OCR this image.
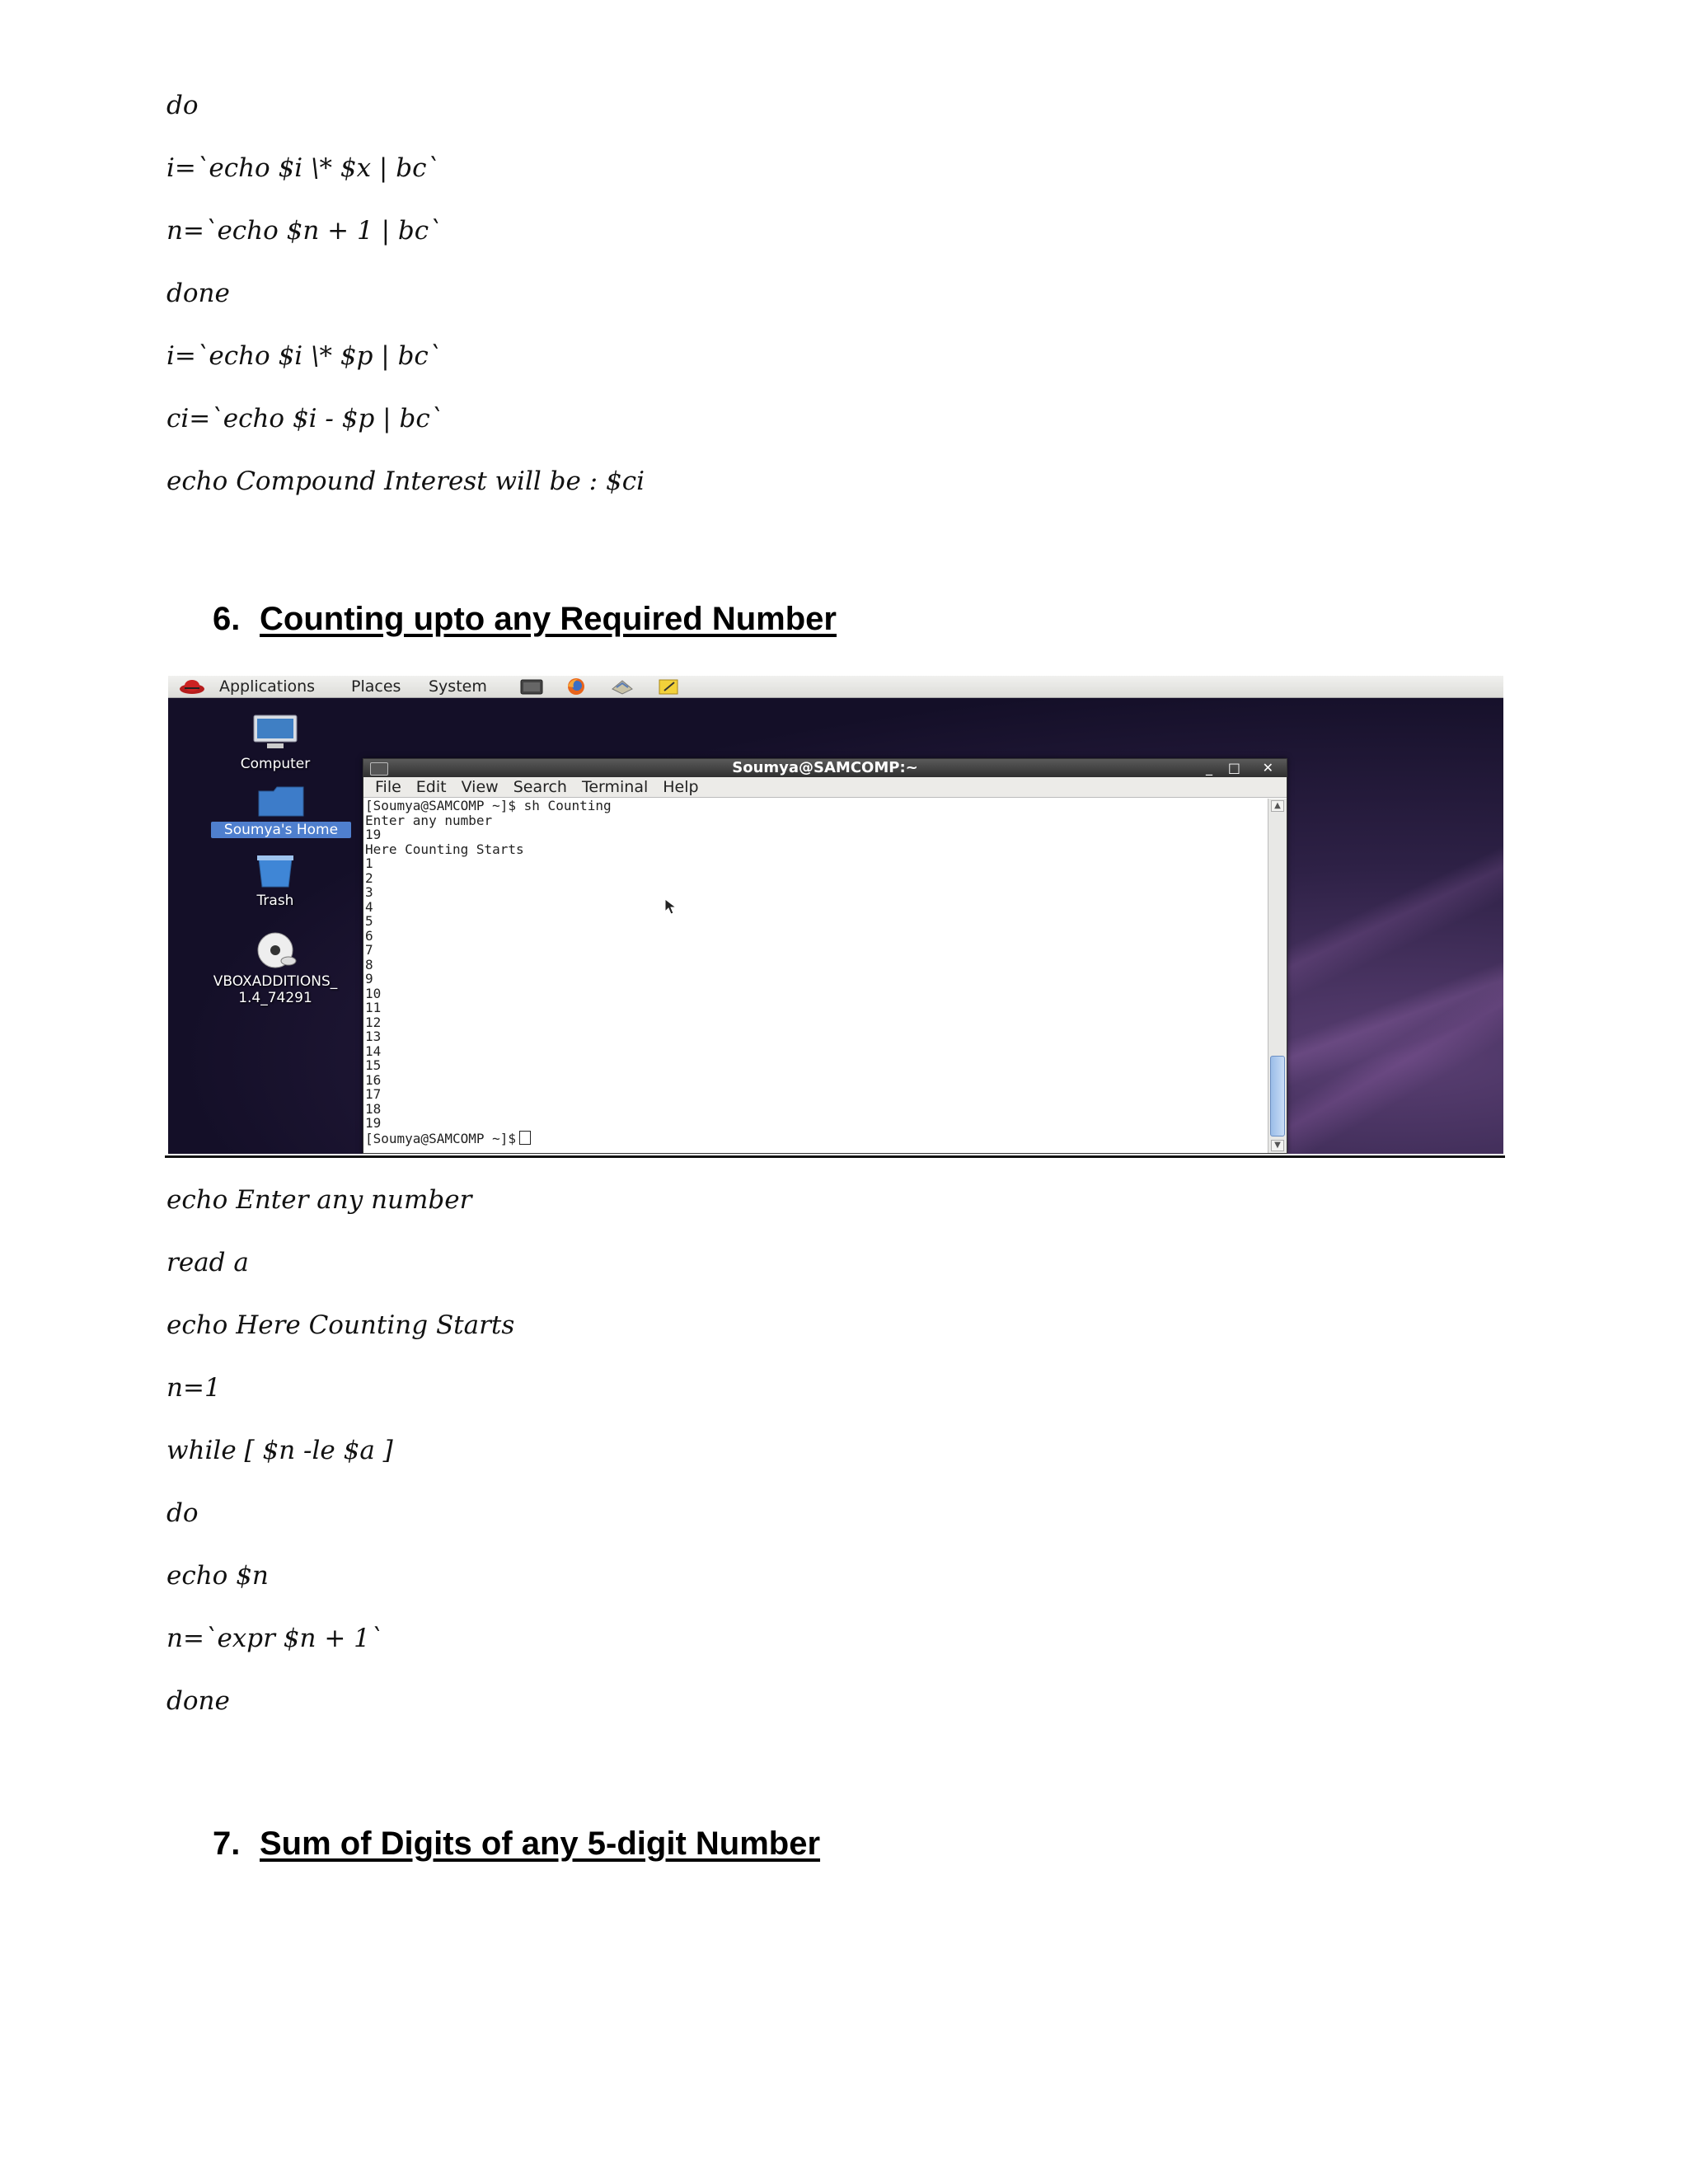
do
i=`echo $i \* $x | bc`
n=`echo $n + 1 | bc`
done
i=`echo $i \* $p | bc`
ci=`echo $i - $p | bc`
echo Compound Interest will be : $ci
6. Counting upto any Required Number
Applications Places System
Computer
Soumya's Home
Trash
VBOXADDITIONS_
1.4_74291
Soumya@SAMCOMP:~	_ □ ✕
File Edit View Search Terminal Help
[Soumya@SAMCOMP ~]$ sh Counting
Enter any number
19
Here Counting Starts
1
2
3
4
5
6
7
8
9
10
11
12
13
14
15
16
17
18
19
[Soumya@SAMCOMP ~]$
▲
▼
echo Enter any number
read a
echo Here Counting Starts
n=1
while [ $n -le $a ]
do
echo $n
n=`expr $n + 1`
done
7. Sum of Digits of any 5-digit Number
